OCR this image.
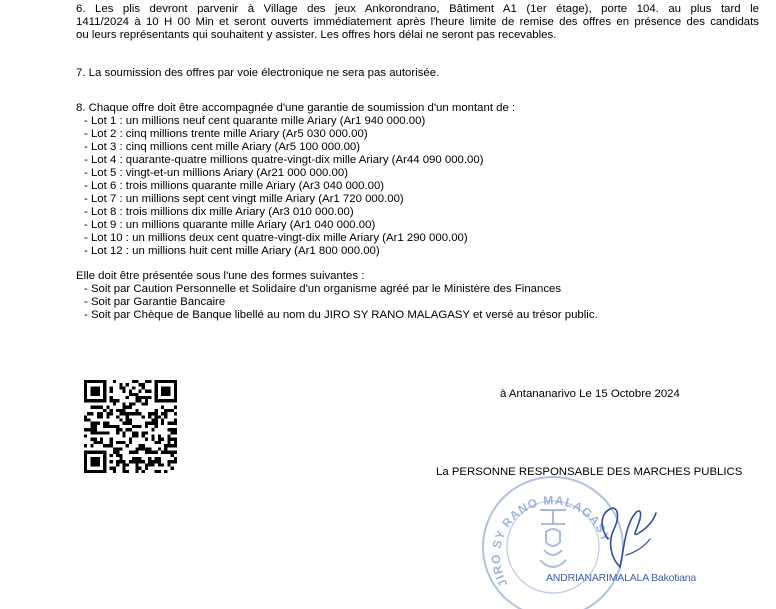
6. Les plis devront parvenir à Village des jeux Ankorondrano, Bâtiment A1 (1er étage), porte 104. au plus tard le
1411/2024 à 10 H 00 Min et seront ouverts immédiatement après l'heure limite de remise des offres en présence des candidats
ou leurs représentants qui souhaitent y assister. Les offres hors délai ne seront pas recevables.
7. La soumission des offres par voie électronique ne sera pas autorisée.
8. Chaque offre doit être accompagnée d'une garantie de soumission d'un montant de :
- Lot 1 : un millions neuf cent quarante mille Ariary (Ar1 940 000.00)
- Lot 2 : cinq millions trente mille Ariary (Ar5 030 000.00)
- Lot 3 : cinq millions cent mille Ariary (Ar5 100 000.00)
- Lot 4 : quarante-quatre millions quatre-vingt-dix mille Ariary (Ar44 090 000.00)
- Lot 5 : vingt-et-un millions Ariary (Ar21 000 000.00)
- Lot 6 : trois millions quarante mille Ariary (Ar3 040 000.00)
- Lot 7 : un millions sept cent vingt mille Ariary (Ar1 720 000.00)
- Lot 8 : trois millions dix mille Ariary (Ar3 010 000.00)
- Lot 9 : un millions quarante mille Ariary (Ar1 040 000.00)
- Lot 10 : un millions deux cent quatre-vingt-dix mille Ariary (Ar1 290 000.00)
- Lot 12 : un millions huit cent mille Ariary (Ar1 800 000.00)
Elle doit être présentée sous l'une des formes suivantes :
- Soit par Caution Personnelle et Solidaire d'un organisme agréé par le Ministère des Finances
- Soit par Garantie Bancaire
- Soit par Chèque de Banque libellé au nom du JIRO SY RANO MALAGASY et versé au trésor public.
à Antananarivo Le 15 Octobre 2024
La PERSONNE RESPONSABLE DES MARCHES PUBLICS
JIRO SY RANO MALAGASY
ANDRIANARIMALALA Bakotiana
